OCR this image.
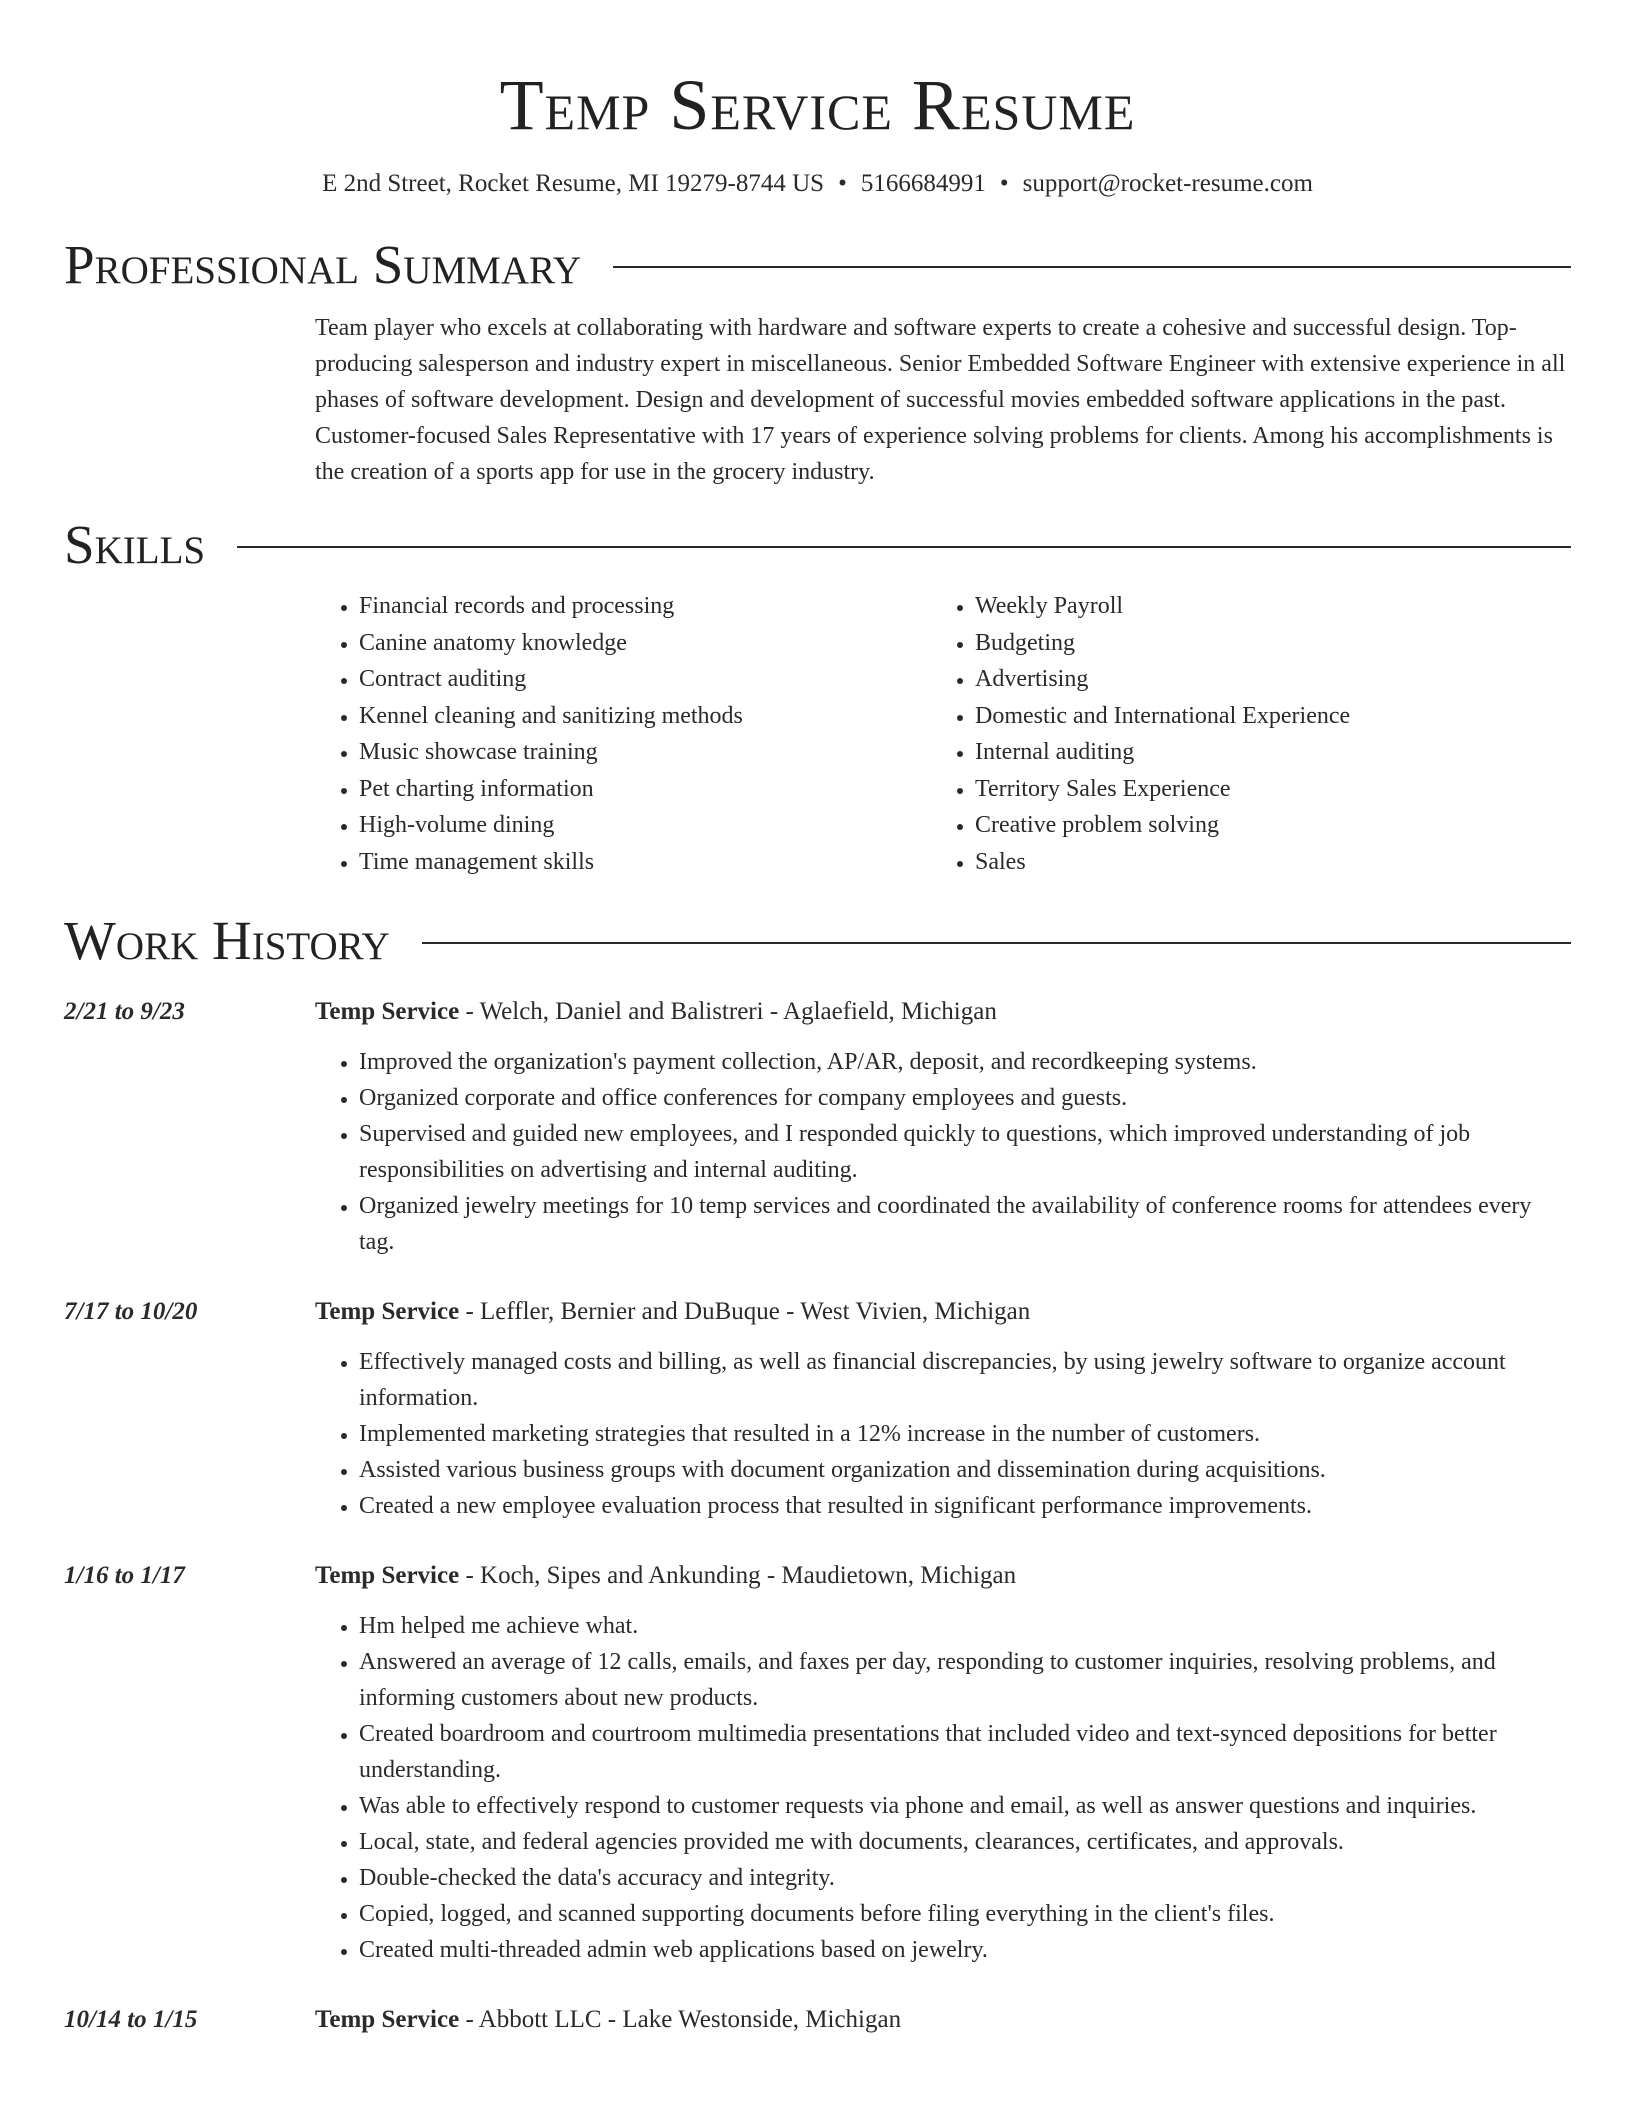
Temp Service Resume
E 2nd Street, Rocket Resume, MI 19279-8744 US • 5166684991 • support@rocket-resume.com
Professional Summary
Team player who excels at collaborating with hardware and software experts to create a cohesive and successful design. Top-producing salesperson and industry expert in miscellaneous. Senior Embedded Software Engineer with extensive experience in all phases of software development. Design and development of successful movies embedded software applications in the past. Customer-focused Sales Representative with 17 years of experience solving problems for clients. Among his accomplishments is the creation of a sports app for use in the grocery industry.
Skills
• Financial records and processing
• Canine anatomy knowledge
• Contract auditing
• Kennel cleaning and sanitizing methods
• Music showcase training
• Pet charting information
• High-volume dining
• Time management skills
• Weekly Payroll
• Budgeting
• Advertising
• Domestic and International Experience
• Internal auditing
• Territory Sales Experience
• Creative problem solving
• Sales
Work History
2/21 to 9/23	Temp Service - Welch, Daniel and Balistreri - Aglaefield, Michigan
• Improved the organization's payment collection, AP/AR, deposit, and recordkeeping systems.
• Organized corporate and office conferences for company employees and guests.
• Supervised and guided new employees, and I responded quickly to questions, which improved understanding of job responsibilities on advertising and internal auditing.
• Organized jewelry meetings for 10 temp services and coordinated the availability of conference rooms for attendees every tag.
7/17 to 10/20	Temp Service - Leffler, Bernier and DuBuque - West Vivien, Michigan
• Effectively managed costs and billing, as well as financial discrepancies, by using jewelry software to organize account information.
• Implemented marketing strategies that resulted in a 12% increase in the number of customers.
• Assisted various business groups with document organization and dissemination during acquisitions.
• Created a new employee evaluation process that resulted in significant performance improvements.
1/16 to 1/17	Temp Service - Koch, Sipes and Ankunding - Maudietown, Michigan
• Hm helped me achieve what.
• Answered an average of 12 calls, emails, and faxes per day, responding to customer inquiries, resolving problems, and informing customers about new products.
• Created boardroom and courtroom multimedia presentations that included video and text-synced depositions for better understanding.
• Was able to effectively respond to customer requests via phone and email, as well as answer questions and inquiries.
• Local, state, and federal agencies provided me with documents, clearances, certificates, and approvals.
• Double-checked the data's accuracy and integrity.
• Copied, logged, and scanned supporting documents before filing everything in the client's files.
• Created multi-threaded admin web applications based on jewelry.
10/14 to 1/15	Temp Service - Abbott LLC - Lake Westonside, Michigan
